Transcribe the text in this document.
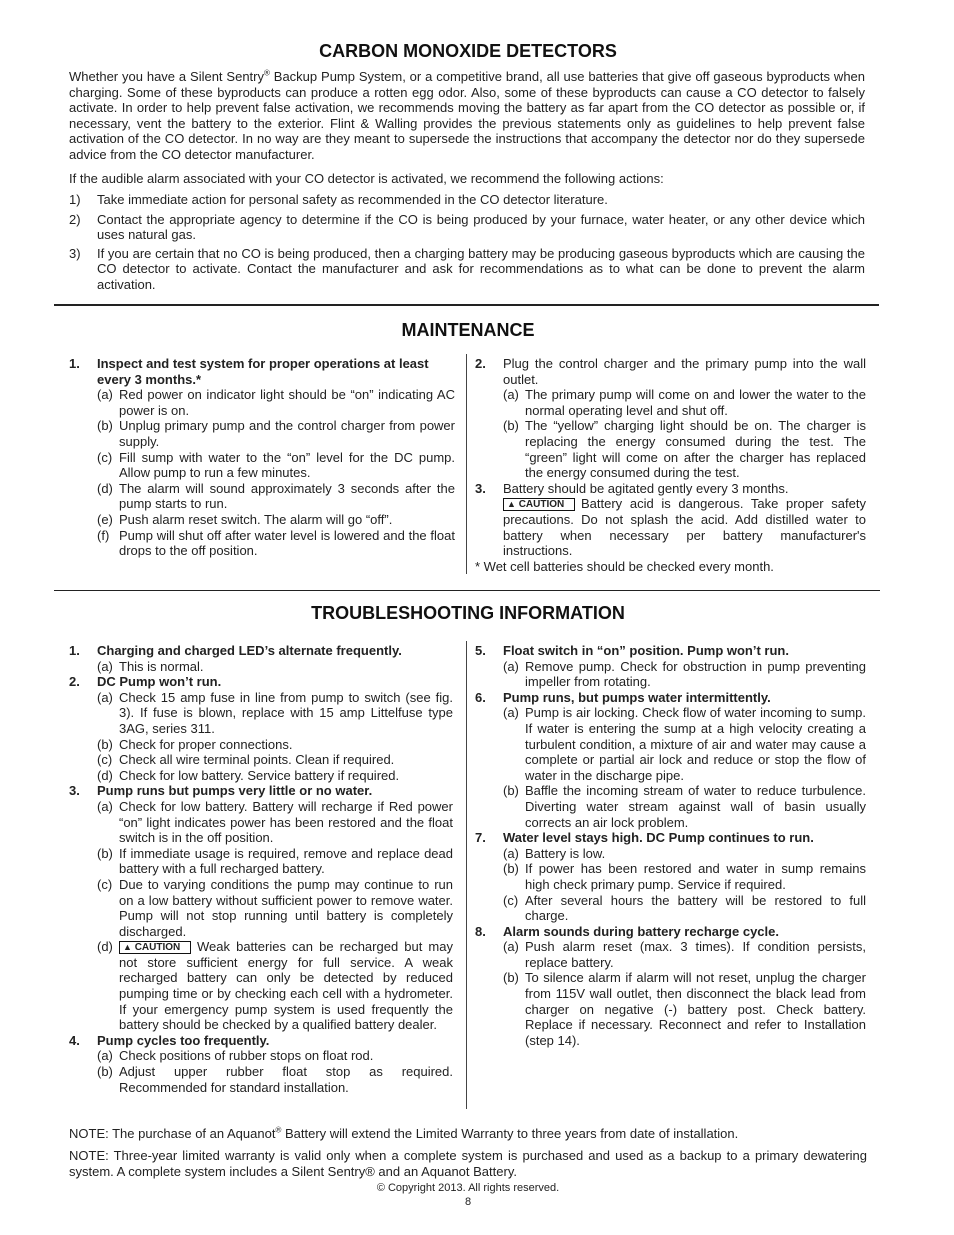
CARBON MONOXIDE DETECTORS
Whether you have a Silent Sentry® Backup Pump System, or a competitive brand, all use batteries that give off gaseous byproducts when charging. Some of these byproducts can produce a rotten egg odor. Also, some of these byproducts can cause a CO detector to falsely activate. In order to help prevent false activation, we recommends moving the battery as far apart from the CO detector as possible or, if necessary, vent the battery to the exterior. Flint & Walling provides the previous statements only as guidelines to help prevent false activation of the CO detector. In no way are they meant to supersede the instructions that accompany the detector nor do they supersede advice from the CO detector manufacturer.
If the audible alarm associated with your CO detector is activated, we recommend the following actions:
1)	Take immediate action for personal safety as recommended in the CO detector literature.
2)	Contact the appropriate agency to determine if the CO is being produced by your furnace, water heater, or any other device which uses natural gas.
3)	If you are certain that no CO is being produced, then a charging battery may be producing gaseous byproducts which are causing the CO detector to activate. Contact the manufacturer and ask for recommendations as to what can be done to prevent the alarm activation.
MAINTENANCE
1.	Inspect and test system for proper operations at least every 3 months.*
(a) Red power on indicator light should be “on” indicating AC power is on.
(b) Unplug primary pump and the control charger from power supply.
(c) Fill sump with water to the “on” level for the DC pump. Allow pump to run a few minutes.
(d) The alarm will sound approximately 3 seconds after the pump starts to run.
(e) Push alarm reset switch. The alarm will go “off”.
(f) Pump will shut off after water level is lowered and the float drops to the off position.
2.	Plug the control charger and the primary pump into the wall outlet.
(a) The primary pump will come on and lower the water to the normal operating level and shut off.
(b) The “yellow” charging light should be on. The charger is replacing the energy consumed during the test. The “green” light will come on after the charger has replaced the energy consumed during the test.
3.	Battery should be agitated gently every 3 months.
▲ CAUTION Battery acid is dangerous. Take proper safety precautions. Do not splash the acid. Add distilled water to battery when necessary per battery manufacturer's instructions.
* Wet cell batteries should be checked every month.
TROUBLESHOOTING INFORMATION
1.	Charging and charged LED’s alternate frequently.
(a) This is normal.
2.	DC Pump won’t run.
(a) Check 15 amp fuse in line from pump to switch (see fig. 3). If fuse is blown, replace with 15 amp Littelfuse type 3AG, series 311.
(b) Check for proper connections.
(c) Check all wire terminal points. Clean if required.
(d) Check for low battery. Service battery if required.
3.	Pump runs but pumps very little or no water.
(a) Check for low battery. Battery will recharge if Red power “on” light indicates power has been restored and the float switch is in the off position.
(b) If immediate usage is required, remove and replace dead battery with a full recharged battery.
(c) Due to varying conditions the pump may continue to run on a low battery without sufficient power to remove water. Pump will not stop running until battery is completely discharged.
(d)	▲ CAUTION Weak batteries can be recharged but may not store sufficient energy for full service. A weak recharged battery can only be detected by reduced pumping time or by checking each cell with a hydrometer. If your emergency pump system is used frequently the battery should be checked by a qualified battery dealer.
4.	Pump cycles too frequently.
(a) Check positions of rubber stops on float rod.
(b) Adjust upper rubber float stop as required. Recommended for standard installation.
5.	Float switch in “on” position. Pump won’t run.
(a) Remove pump. Check for obstruction in pump preventing impeller from rotating.
6.	Pump runs, but pumps water intermittently.
(a) Pump is air locking. Check flow of water incoming to sump. If water is entering the sump at a high velocity creating a turbulent condition, a mixture of air and water may cause a complete or partial air lock and reduce or stop the flow of water in the discharge pipe.
(b) Baffle the incoming stream of water to reduce turbulence. Diverting water stream against wall of basin usually corrects an air lock problem.
7.	Water level stays high. DC Pump continues to run.
(a) Battery is low.
(b) If power has been restored and water in sump remains high check primary pump. Service if required.
(c) After several hours the battery will be restored to full charge.
8.	Alarm sounds during battery recharge cycle.
(a) Push alarm reset (max. 3 times). If condition persists, replace battery.
(b) To silence alarm if alarm will not reset, unplug the charger from 115V wall outlet, then disconnect the black lead from charger on negative (-) battery post. Check battery. Replace if necessary. Reconnect and refer to Installation (step 14).
NOTE: The purchase of an Aquanot® Battery will extend the Limited Warranty to three years from date of installation.
NOTE: Three-year limited warranty is valid only when a complete system is purchased and used as a backup to a primary dewatering system. A complete system includes a Silent Sentry® and an Aquanot Battery.
© Copyright 2013. All rights reserved.
8
